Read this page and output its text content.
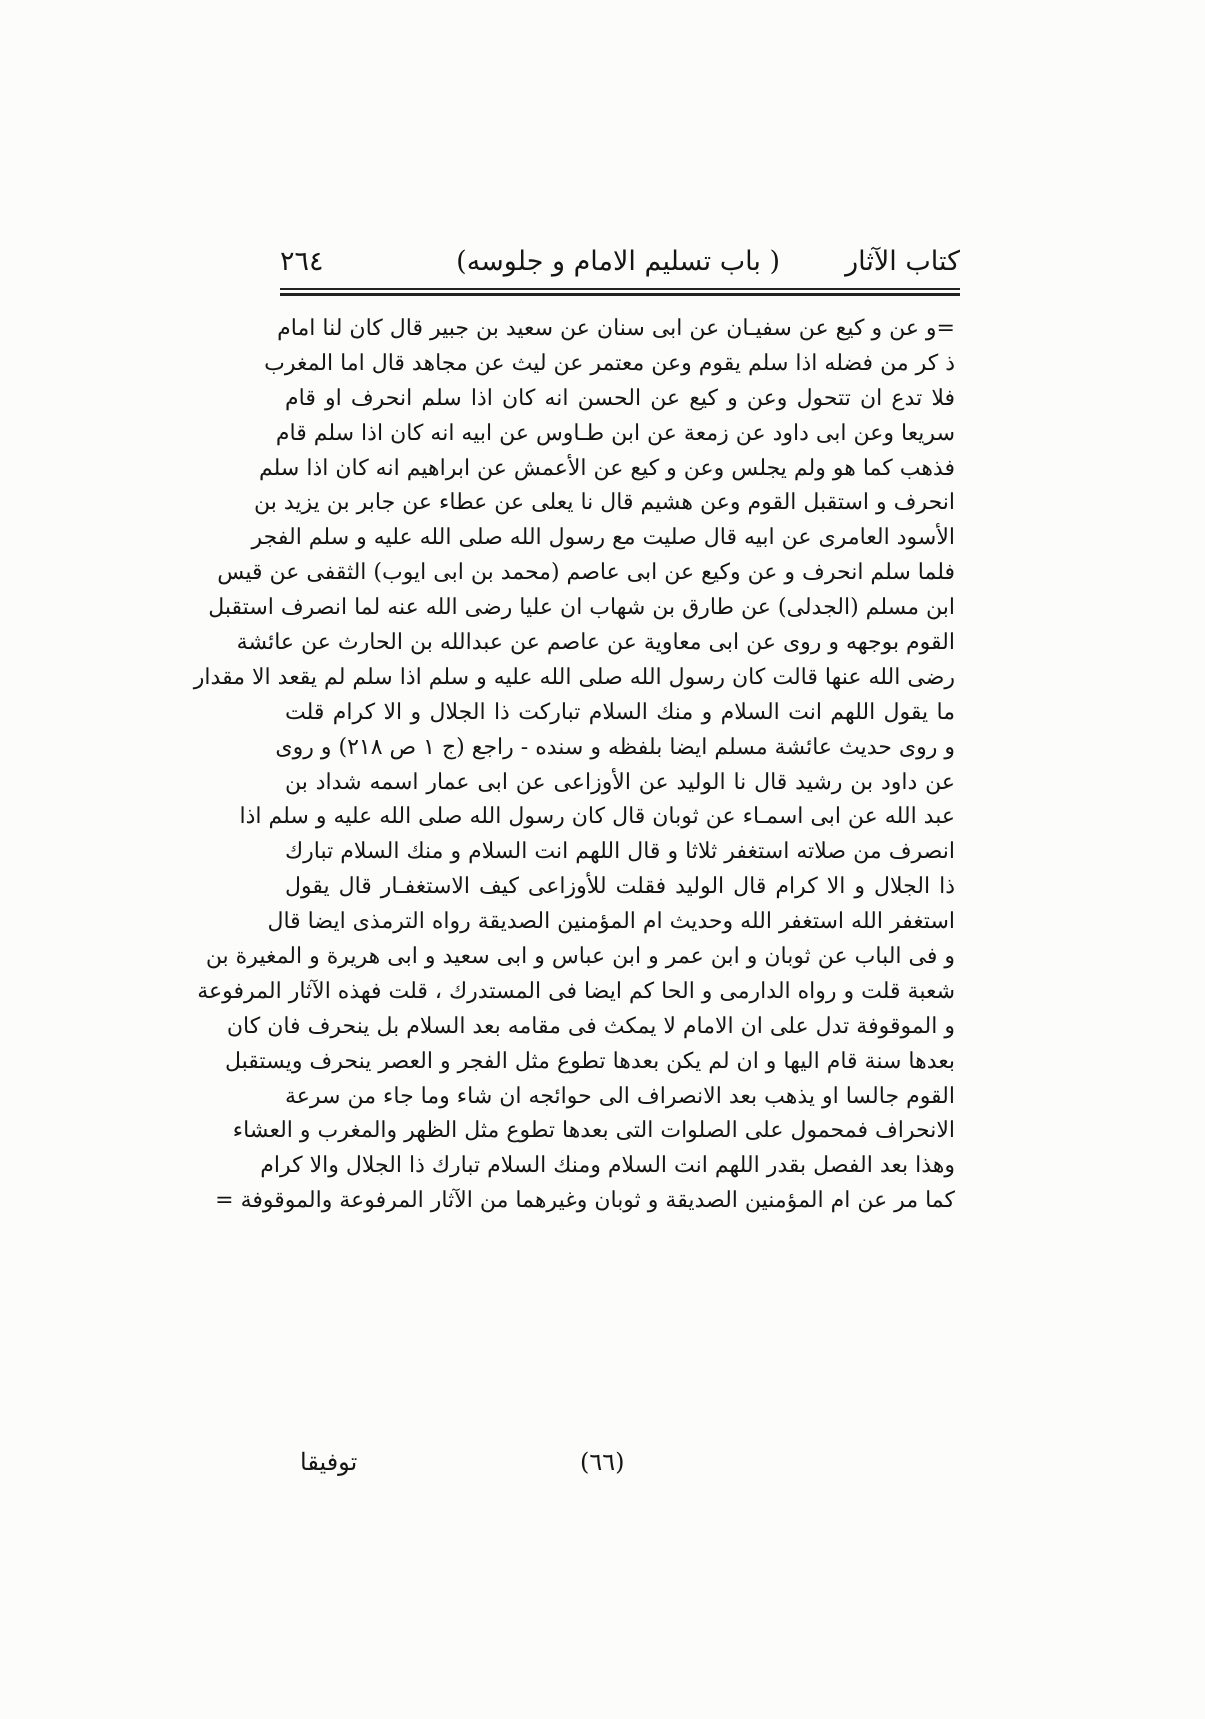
كتاب الآثار
( باب تسليم الامام و جلوسه)
٢٦٤
=و عن و كيع عن سفيـان عن ابى سنان عن سعيد بن جبير قال كان لنا امام
ذ كر من فضله اذا سلم يقوم وعن معتمر عن ليث عن مجاهد قال اما المغرب
فلا تدع ان تتحول وعن و كيع عن الحسن انه كان اذا سلم انحرف او قام
سريعا وعن ابى داود عن زمعة عن ابن طـاوس عن ابيه انه كان اذا سلم قام
فذهب كما هو ولم يجلس وعن و كيع عن الأعمش عن ابراهيم انه كان اذا سلم
انحرف و استقبل القوم وعن هشيم قال نا يعلى عن عطاء عن جابر بن يزيد بن
الأسود العامرى عن ابيه قال صليت مع رسول الله صلى الله عليه و سلم الفجر
فلما سلم انحرف و عن وكيع عن ابى عاصم (محمد بن ابى ايوب) الثقفى عن قيس
ابن مسلم (الجدلى) عن طارق بن شهاب ان عليا رضى الله عنه لما انصرف استقبل
القوم بوجهه و روى عن ابى معاوية عن عاصم عن عبدالله بن الحارث عن عائشة
رضى الله عنها قالت كان رسول الله صلى الله عليه و سلم اذا سلم لم يقعد الا مقدار
ما يقول اللهم انت السلام و منك السلام تباركت ذا الجلال و الا كرام قلت
و روى حديث عائشة مسلم ايضا بلفظه و سنده - راجع (ج ١ ص ٢١٨) و روى
عن داود بن رشيد قال نا الوليد عن الأوزاعى عن ابى عمار اسمه شداد بن
عبد الله عن ابى اسمـاء عن ثوبان قال كان رسول الله صلى الله عليه و سلم اذا
انصرف من صلاته استغفر ثلاثا و قال اللهم انت السلام و منك السلام تبارك
ذا الجلال و الا كرام قال الوليد فقلت للأوزاعى كيف الاستغفـار قال يقول
استغفر الله استغفر الله وحديث ام المؤمنين الصديقة رواه الترمذى ايضا قال
و فى الباب عن ثوبان و ابن عمر و ابن عباس و ابى سعيد و ابى هريرة و المغيرة بن
شعبة قلت و رواه الدارمى و الحا كم ايضا فى المستدرك ، قلت فهذه الآثار المرفوعة
و الموقوفة تدل على ان الامام لا يمكث فى مقامه بعد السلام بل ينحرف فان كان
بعدها سنة قام اليها و ان لم يكن بعدها تطوع مثل الفجر و العصر ينحرف ويستقبل
القوم جالسا او يذهب بعد الانصراف الى حوائجه ان شاء وما جاء من سرعة
الانحراف فمحمول على الصلوات التى بعدها تطوع مثل الظهر والمغرب و العشاء
وهذا بعد الفصل بقدر اللهم انت السلام ومنك السلام تبارك ذا الجلال والا كرام
كما مر عن ام المؤمنين الصديقة و ثوبان وغيرهما من الآثار المرفوعة والموقوفة =
(٦٦)
توفيقا
